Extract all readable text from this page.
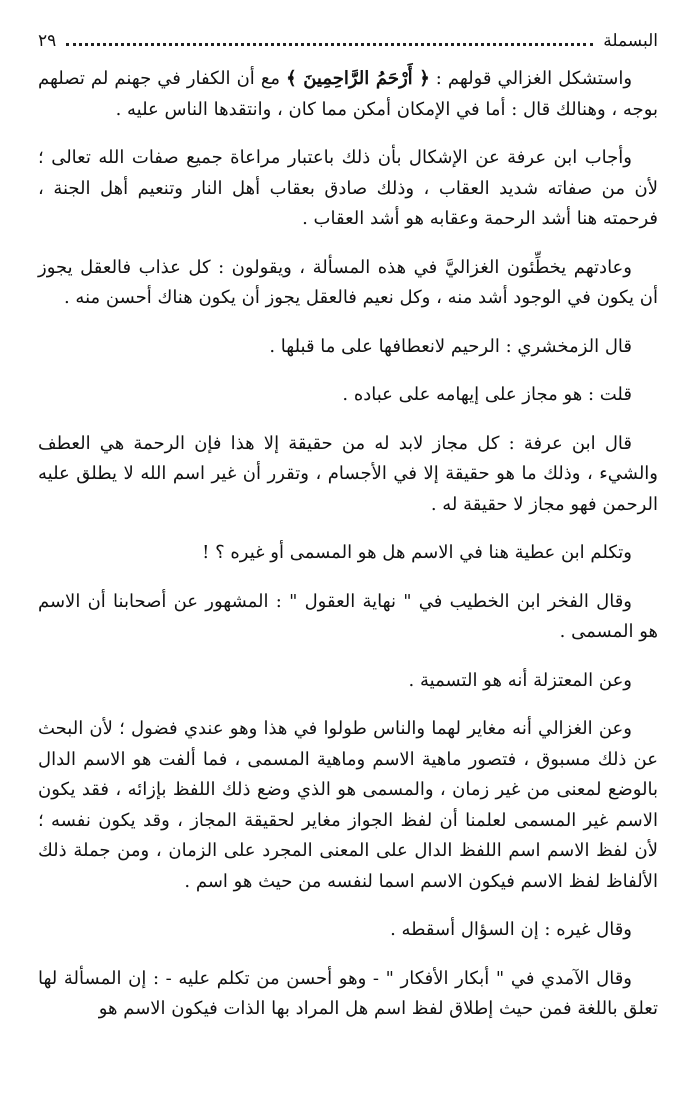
البسملة
٢٩

واستشكل الغزالي قولهم : ﴿ أَرْحَمُ الرَّاحِمِينَ ﴾ مع أن الكفار في جهنم لم تصلهم بوجه ، وهنالك قال : أما في الإمكان أمكن مما كان ، وانتقدها الناس عليه .

وأجاب ابن عرفة عن الإشكال بأن ذلك باعتبار مراعاة جميع صفات الله تعالى ؛ لأن من صفاته شديد العقاب ، وذلك صادق بعقاب أهل النار وتنعيم أهل الجنة ، فرحمته هنا أشد الرحمة وعقابه هو أشد العقاب .

وعادتهم يخطِّئون الغزاليَّ في هذه المسألة ، ويقولون : كل عذاب فالعقل يجوز أن يكون في الوجود أشد منه ، وكل نعيم فالعقل يجوز أن يكون هناك أحسن منه .

قال الزمخشري : الرحيم لانعطافها على ما قبلها .

قلت : هو مجاز على إيهامه على عباده .

قال ابن عرفة : كل مجاز لابد له من حقيقة إلا هذا فإن الرحمة هي العطف والشيء ، وذلك ما هو حقيقة إلا في الأجسام ، وتقرر أن غير اسم الله لا يطلق عليه الرحمن فهو مجاز لا حقيقة له .

وتكلم ابن عطية هنا في الاسم هل هو المسمى أو غيره ؟ !

وقال الفخر ابن الخطيب في " نهاية العقول " : المشهور عن أصحابنا أن الاسم هو المسمى .

وعن المعتزلة أنه هو التسمية .

وعن الغزالي أنه مغاير لهما والناس طولوا في هذا وهو عندي فضول ؛ لأن البحث عن ذلك مسبوق ، فتصور ماهية الاسم وماهية المسمى ، فما ألفت هو الاسم الدال بالوضع لمعنى من غير زمان ، والمسمى هو الذي وضع ذلك اللفظ بإزائه ، فقد يكون الاسم غير المسمى لعلمنا أن لفظ الجواز مغاير لحقيقة المجاز ، وقد يكون نفسه ؛ لأن لفظ الاسم اسم اللفظ الدال على المعنى المجرد على الزمان ، ومن جملة ذلك الألفاظ لفظ الاسم فيكون الاسم اسما لنفسه من حيث هو اسم .

وقال غيره : إن السؤال أسقطه .

وقال الآمدي في " أبكار الأفكار " - وهو أحسن من تكلم عليه - : إن المسألة لها تعلق باللغة فمن حيث إطلاق لفظ اسم هل المراد بها الذات فيكون الاسم هو
